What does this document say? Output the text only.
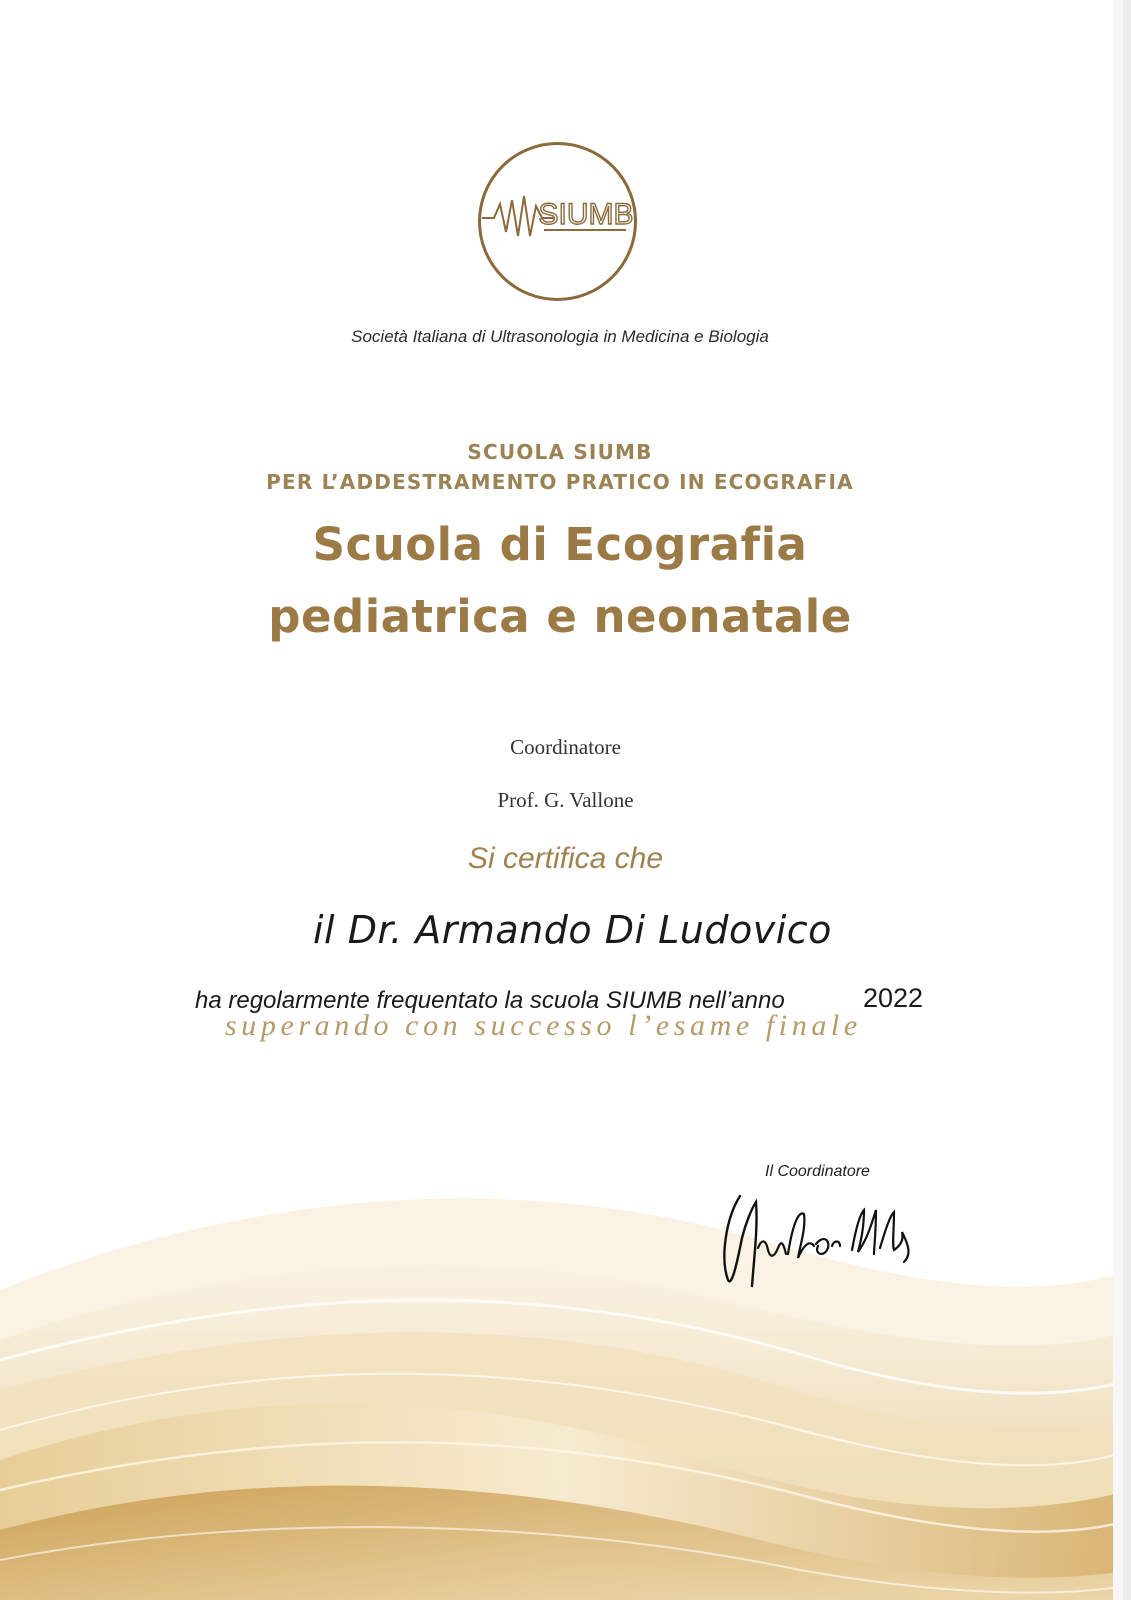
SIUMB
Società Italiana di Ultrasonologia in Medicina e Biologia
SCUOLA SIUMB
PER L’ADDESTRAMENTO PRATICO IN ECOGRAFIA
Scuola di Ecografia
pediatrica e neonatale
Coordinatore
Prof. G. Vallone
Si certifica che
il Dr. Armando Di Ludovico
ha regolarmente frequentato la scuola SIUMB nell’anno	2022
superando con successo l’esame finale
Il Coordinatore
